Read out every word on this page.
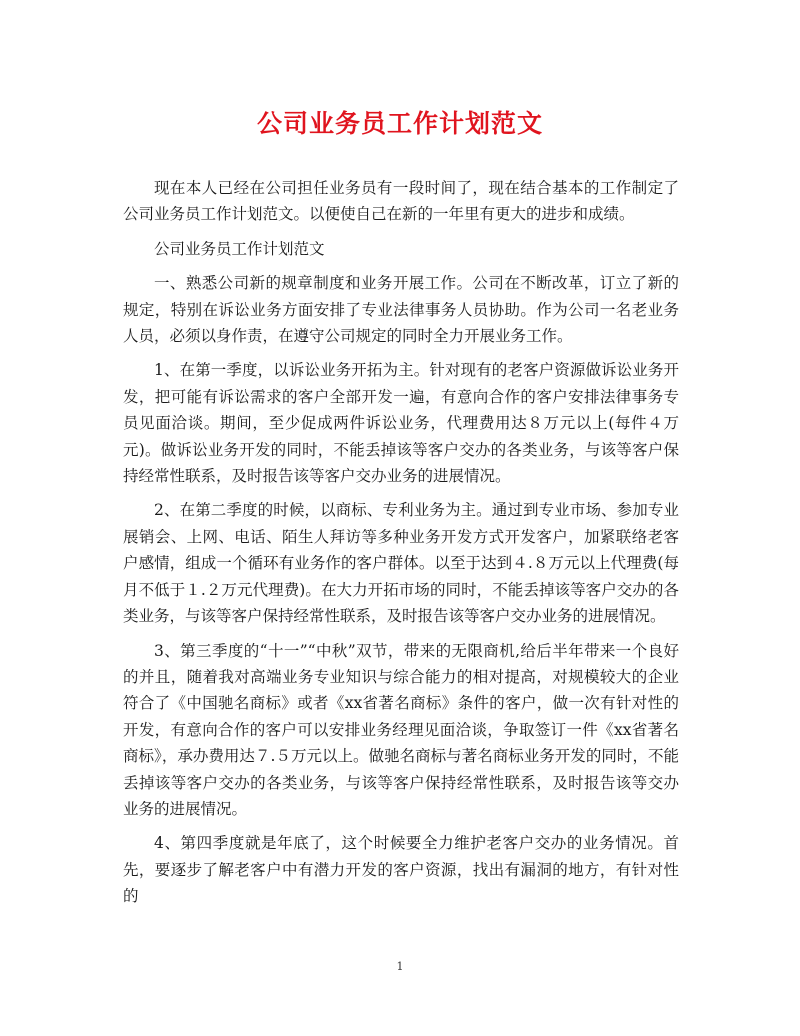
公司业务员工作计划范文

现在本人已经在公司担任业务员有一段时间了，现在结合基本的工作制定了公司业务员工作计划范文。以便使自己在新的一年里有更大的进步和成绩。

公司业务员工作计划范文

一、熟悉公司新的规章制度和业务开展工作。公司在不断改革，订立了新的规定，特别在诉讼业务方面安排了专业法律事务人员协助。作为公司一名老业务人员，必须以身作责，在遵守公司规定的同时全力开展业务工作。

1、在第一季度，以诉讼业务开拓为主。针对现有的老客户资源做诉讼业务开发，把可能有诉讼需求的客户全部开发一遍，有意向合作的客户安排法律事务专员见面洽谈。期间，至少促成两件诉讼业务，代理费用达８万元以上(每件４万元)。做诉讼业务开发的同时，不能丢掉该等客户交办的各类业务，与该等客户保持经常性联系，及时报告该等客户交办业务的进展情况。

2、在第二季度的时候，以商标、专利业务为主。通过到专业市场、参加专业展销会、上网、电话、陌生人拜访等多种业务开发方式开发客户，加紧联络老客户感情，组成一个循环有业务作的客户群体。以至于达到４.８万元以上代理费(每月不低于１.２万元代理费)。在大力开拓市场的同时，不能丢掉该等客户交办的各类业务，与该等客户保持经常性联系，及时报告该等客户交办业务的进展情况。

3、第三季度的“十一”“中秋”双节，带来的无限商机,给后半年带来一个良好的并且，随着我对高端业务专业知识与综合能力的相对提高，对规模较大的企业符合了《中国驰名商标》或者《xx省著名商标》条件的客户，做一次有针对性的开发，有意向合作的客户可以安排业务经理见面洽谈，争取签订一件《xx省著名商标》，承办费用达７.５万元以上。做驰名商标与著名商标业务开发的同时，不能丢掉该等客户交办的各类业务，与该等客户保持经常性联系，及时报告该等交办业务的进展情况。

4、第四季度就是年底了，这个时候要全力维护老客户交办的业务情况。首先，要逐步了解老客户中有潜力开发的客户资源，找出有漏洞的地方，有针对性的

1
